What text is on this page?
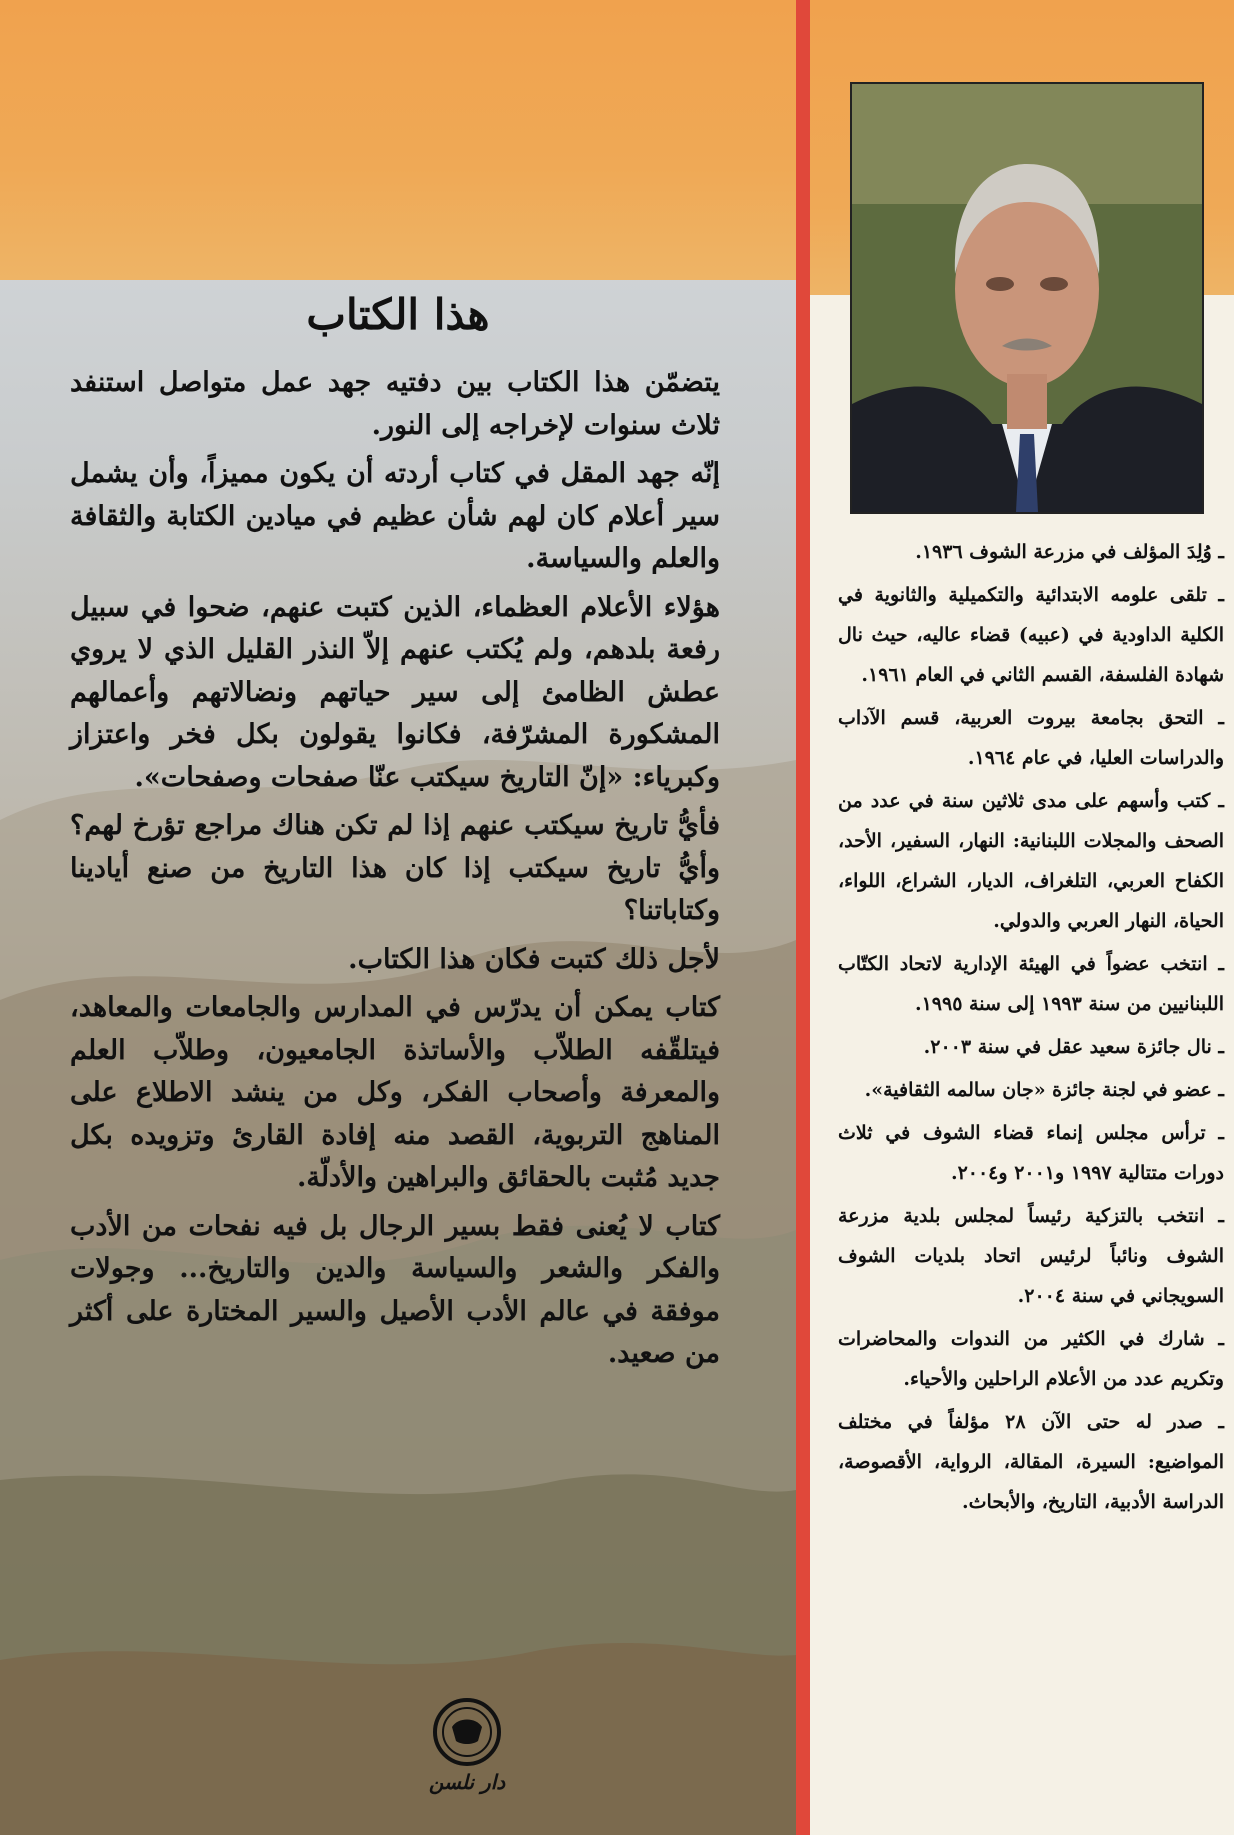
هذا الكتاب

يتضمّن هذا الكتاب بين دفتيه جهد عمل متواصل استنفد ثلاث سنوات لإخراجه إلى النور.

إنّه جهد المقل في كتاب أردته أن يكون مميزاً، وأن يشمل سير أعلام كان لهم شأن عظيم في ميادين الكتابة والثقافة والعلم والسياسة.

هؤلاء الأعلام العظماء، الذين كتبت عنهم، ضحوا في سبيل رفعة بلدهم، ولم يُكتب عنهم إلاّ النذر القليل الذي لا يروي عطش الظامئ إلى سير حياتهم ونضالاتهم وأعمالهم المشكورة المشرّفة، فكانوا يقولون بكل فخر واعتزاز وكبرياء: «إنّ التاريخ سيكتب عنّا صفحات وصفحات».

فأيُّ تاريخ سيكتب عنهم إذا لم تكن هناك مراجع تؤرخ لهم؟ وأيُّ تاريخ سيكتب إذا كان هذا التاريخ من صنع أيادينا وكتاباتنا؟

لأجل ذلك كتبت فكان هذا الكتاب.

كتاب يمكن أن يدرّس في المدارس والجامعات والمعاهد، فيتلقّفه الطلاّب والأساتذة الجامعيون، وطلاّب العلم والمعرفة وأصحاب الفكر، وكل من ينشد الاطلاع على المناهج التربوية، القصد منه إفادة القارئ وتزويده بكل جديد مُثبت بالحقائق والبراهين والأدلّة.

كتاب لا يُعنى فقط بسير الرجال بل فيه نفحات من الأدب والفكر والشعر والسياسة والدين والتاريخ... وجولات موفقة في عالم الأدب الأصيل والسير المختارة على أكثر من صعيد.

دار نلسن

ـ وُلِدَ المؤلف في مزرعة الشوف ١٩٣٦.

ـ تلقى علومه الابتدائية والتكميلية والثانوية في الكلية الداودية في (عبيه) قضاء عاليه، حيث نال شهادة الفلسفة، القسم الثاني في العام ١٩٦١.

ـ التحق بجامعة بيروت العربية، قسم الآداب والدراسات العليا، في عام ١٩٦٤.

ـ كتب وأسهم على مدى ثلاثين سنة في عدد من الصحف والمجلات اللبنانية: النهار، السفير، الأحد، الكفاح العربي، التلغراف، الديار، الشراع، اللواء، الحياة، النهار العربي والدولي.

ـ انتخب عضواً في الهيئة الإدارية لاتحاد الكتّاب اللبنانيين من سنة ١٩٩٣ إلى سنة ١٩٩٥.

ـ نال جائزة سعيد عقل في سنة ٢٠٠٣.

ـ عضو في لجنة جائزة «جان سالمه الثقافية».

ـ ترأس مجلس إنماء قضاء الشوف في ثلاث دورات متتالية ١٩٩٧ و٢٠٠١ و٢٠٠٤.

ـ انتخب بالتزكية رئيساً لمجلس بلدية مزرعة الشوف ونائباً لرئيس اتحاد بلديات الشوف السويجاني في سنة ٢٠٠٤.

ـ شارك في الكثير من الندوات والمحاضرات وتكريم عدد من الأعلام الراحلين والأحياء.

ـ صدر له حتى الآن ٢٨ مؤلفاً في مختلف المواضيع: السيرة، المقالة، الرواية، الأقصوصة، الدراسة الأدبية، التاريخ، والأبحاث.
